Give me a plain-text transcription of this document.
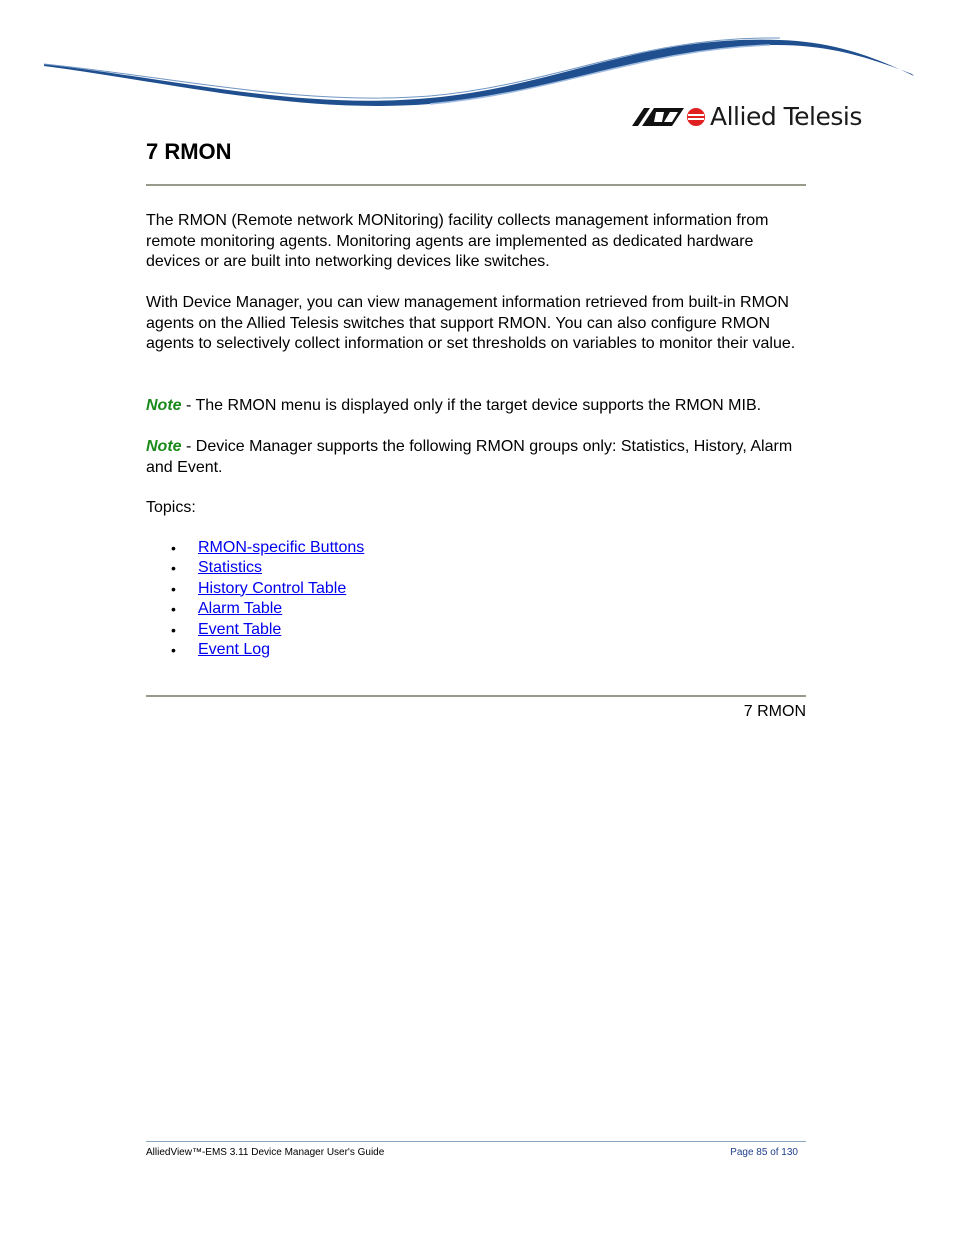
Allied Telesis
7 RMON

The RMON (Remote network MONitoring) facility collects management information from remote monitoring agents. Monitoring agents are implemented as dedicated hardware devices or are built into networking devices like switches.

With Device Manager, you can view management information retrieved from built-in RMON agents on the Allied Telesis switches that support RMON. You can also configure RMON agents to selectively collect information or set thresholds on variables to monitor their value.

Note - The RMON menu is displayed only if the target device supports the RMON MIB.

Note - Device Manager supports the following RMON groups only: Statistics, History, Alarm and Event.

Topics:

• RMON-specific Buttons
• Statistics
• History Control Table
• Alarm Table
• Event Table
• Event Log
7 RMON
AlliedView™-EMS 3.11 Device Manager User's Guide	Page 85 of 130
